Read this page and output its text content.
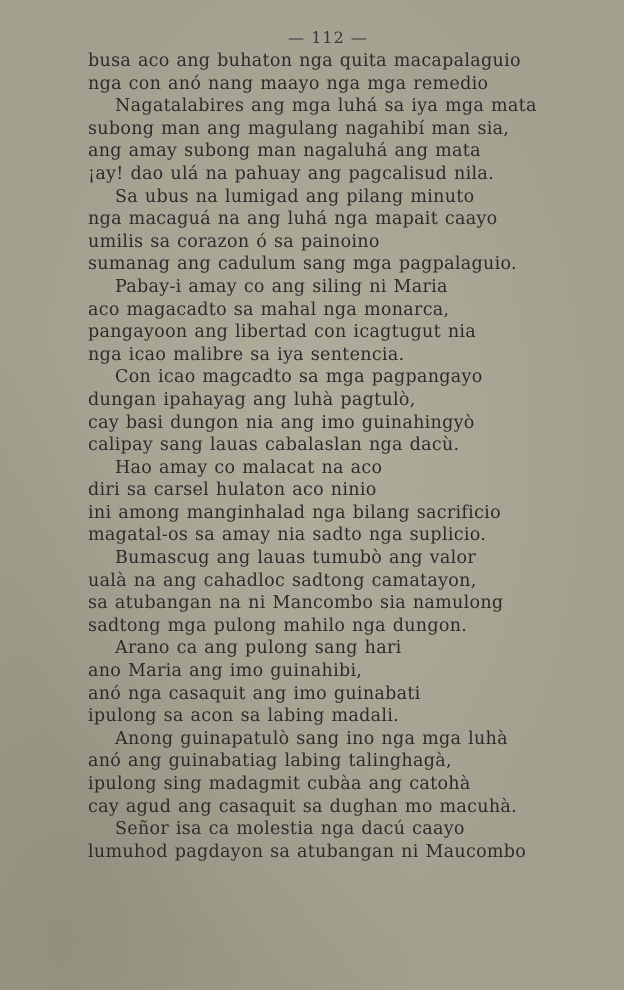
— 112 —
busa aco ang buhaton nga quita macapalaguio
nga con anó nang maayo nga mga remedio
Nagatalabires ang mga luhá sa iya mga mata
subong man ang magulang nagahibí man sia,
ang amay subong man nagaluhá ang mata
¡ay! dao ulá na pahuay ang pagcalisud nila.
Sa ubus na lumigad ang pilang minuto
nga macaguá na ang luhá nga mapait caayo
umilis sa corazon ó sa painoino
sumanag ang cadulum sang mga pagpalaguio.
Pabay-i amay co ang siling ni Maria
aco magacadto sa mahal nga monarca,
pangayoon ang libertad con icagtugut nia
nga icao malibre sa iya sentencia.
Con icao magcadto sa mga pagpangayo
dungan ipahayag ang luhà pagtulò,
cay basi dungon nia ang imo guinahingyò
calipay sang lauas cabalaslan nga dacù.
Hao amay co malacat na aco
diri sa carsel hulaton aco ninio
ini among manginhalad nga bilang sacrificio
magatal-os sa amay nia sadto nga suplicio.
Bumascug ang lauas tumubò ang valor
ualà na ang cahadloc sadtong camatayon,
sa atubangan na ni Mancombo sia namulong
sadtong mga pulong mahilo nga dungon.
Arano ca ang pulong sang hari
ano Maria ang imo guinahibi,
anó nga casaquit ang imo guinabati
ipulong sa acon sa labing madali.
Anong guinapatulò sang ino nga mga luhà
anó ang guinabatiag labing talinghagà,
ipulong sing madagmit cubàa ang catohà
cay agud ang casaquit sa dughan mo macuhà.
Señor isa ca molestia nga dacú caayo
lumuhod pagdayon sa atubangan ni Maucombo
